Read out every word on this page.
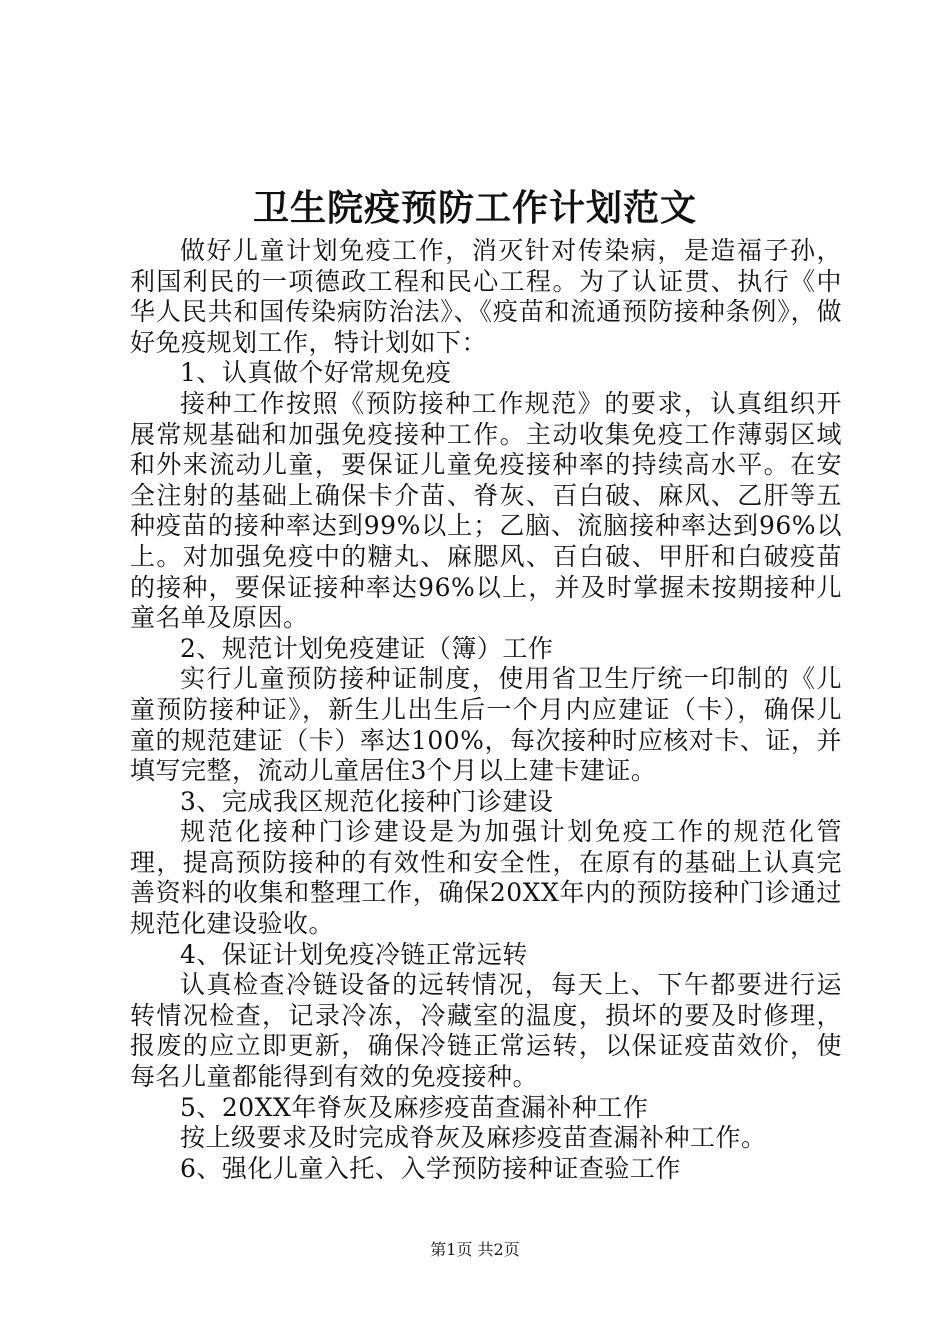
卫生院疫预防工作计划范文

做好儿童计划免疫工作，消灭针对传染病，是造福子孙，利国利民的一项德政工程和民心工程。为了认证贯、执行《中华人民共和国传染病防治法》、《疫苗和流通预防接种条例》，做好免疫规划工作，特计划如下：

1、认真做个好常规免疫

接种工作按照《预防接种工作规范》的要求，认真组织开展常规基础和加强免疫接种工作。主动收集免疫工作薄弱区域和外来流动儿童，要保证儿童免疫接种率的持续高水平。在安全注射的基础上确保卡介苗、脊灰、百白破、麻风、乙肝等五种疫苗的接种率达到99%以上；乙脑、流脑接种率达到96%以上。对加强免疫中的糖丸、麻腮风、百白破、甲肝和白破疫苗的接种，要保证接种率达96%以上，并及时掌握未按期接种儿童名单及原因。

2、规范计划免疫建证（簿）工作

实行儿童预防接种证制度，使用省卫生厅统一印制的《儿童预防接种证》，新生儿出生后一个月内应建证（卡），确保儿童的规范建证（卡）率达100%，每次接种时应核对卡、证，并填写完整，流动儿童居住3个月以上建卡建证。

3、完成我区规范化接种门诊建设

规范化接种门诊建设是为加强计划免疫工作的规范化管理，提高预防接种的有效性和安全性，在原有的基础上认真完善资料的收集和整理工作，确保20XX年内的预防接种门诊通过规范化建设验收。

4、保证计划免疫冷链正常远转

认真检查冷链设备的远转情况，每天上、下午都要进行运转情况检查，记录冷冻，冷藏室的温度，损坏的要及时修理，报废的应立即更新，确保冷链正常运转，以保证疫苗效价，使每名儿童都能得到有效的免疫接种。

5、20XX年脊灰及麻疹疫苗查漏补种工作

按上级要求及时完成脊灰及麻疹疫苗查漏补种工作。

6、强化儿童入托、入学预防接种证查验工作

第1页 共2页
